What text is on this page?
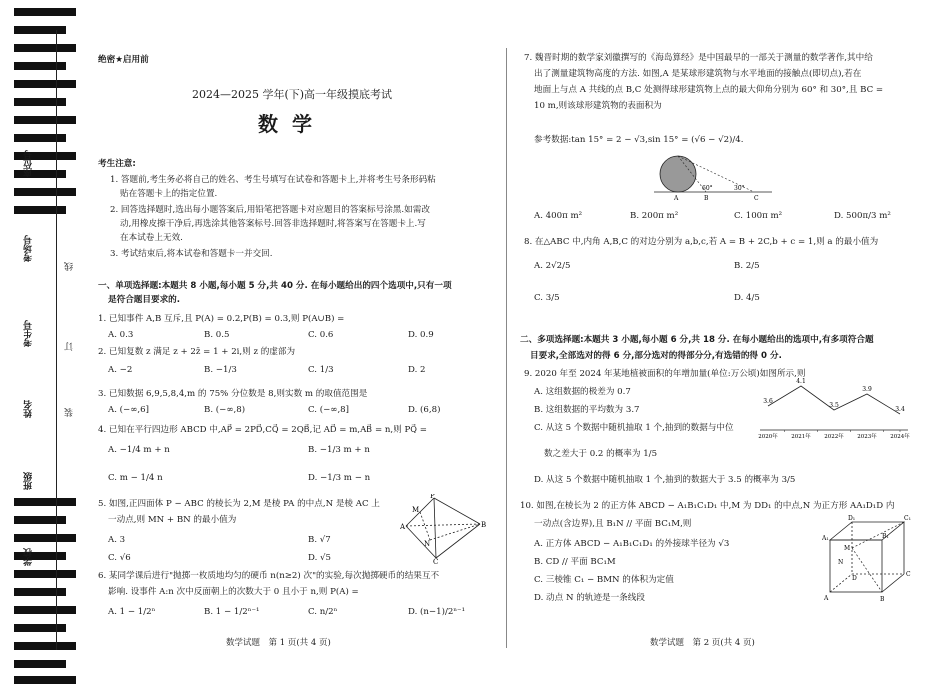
座位号
考场号
考生号
姓名
班级
学校
线
订
装
绝密★启用前
2024—2025 学年(下)高一年级摸底考试
数学
考生注意:
1. 答题前,考生务必将自己的姓名、考生号填写在试卷和答题卡上,并将考生号条形码粘
贴在答题卡上的指定位置.
2. 回答选择题时,选出每小题答案后,用铅笔把答题卡对应题目的答案标号涂黑.如需改
动,用橡皮擦干净后,再选涂其他答案标号.回答非选择题时,将答案写在答题卡上.写
在本试卷上无效.
3. 考试结束后,将本试卷和答题卡一并交回.
一、单项选择题:本题共 8 小题,每小题 5 分,共 40 分. 在每小题给出的四个选项中,只有一项
是符合题目要求的.
1. 已知事件 A,B 互斥,且 P(A) = 0.2,P(B) = 0.3,则 P(A∪B) =
A. 0.3	B. 0.5	C. 0.6	D. 0.9
2. 已知复数 z 满足 z + 2z̄ = 1 + 2i,则 z 的虚部为
A. −2	B. −1/3	C. 1/3	D. 2
3. 已知数据 6,9,5,8,4,m 的 75% 分位数是 8,则实数 m 的取值范围是
A. (−∞,6]	B. (−∞,8)	C. (−∞,8]	D. (6,8)
4. 已知在平行四边形 ABCD 中,AP⃗ = 2PD⃗,CQ⃗ = 2QB⃗,记 AD⃗ = m,AB⃗ = n,则 PQ⃗ =
A. −1/4 m + n	B. −1/3 m + n
C. m − 1/4 n	D. −1/3 m − n
5. 如图,正四面体 P − ABC 的棱长为 2,M 是棱 PA 的中点,N 是棱 AC 上
一动点,则 MN + BN 的最小值为
A. 3	B. √7
C. √6	D. √5
P
M
A
N
B
C
6. 某同学课后进行"抛掷一枚质地均匀的硬币 n(n≥2) 次"的实验,每次抛掷硬币的结果互不
影响. 设事件 A:n 次中反面朝上的次数大于 0 且小于 n,则 P(A) =
A. 1 − 1/2ⁿ	B. 1 − 1/2ⁿ⁻¹	C. n/2ⁿ	D. (n−1)/2ⁿ⁻¹
数学试题　第 1 页(共 4 页)
7. 魏晋时期的数学家刘徽撰写的《海岛算经》是中国最早的一部关于测量的数学著作,其中给
出了测量建筑物高度的方法. 如图,A 是某球形建筑物与水平地面的接触点(即切点),若在
地面上与点 A 共线的点 B,C 处测得球形建筑物上点的最大仰角分别为 60° 和 30°,且 BC =
10 m,则该球形建筑物的表面积为
参考数据:tan 15° = 2 − √3,sin 15° = (√6 − √2)/4.
60°	30°
A	B	C
A. 400π m²	B. 200π m²	C. 100π m²	D. 500π/3 m²
8. 在△ABC 中,内角 A,B,C 的对边分别为 a,b,c,若 A = B + 2C,b + c = 1,则 a 的最小值为
A. 2√2/5	B. 2/5
C. 3/5	D. 4/5
二、多项选择题:本题共 3 小题,每小题 6 分,共 18 分. 在每小题给出的选项中,有多项符合题
目要求,全部选对的得 6 分,部分选对的得部分分,有选错的得 0 分.
9. 2020 年至 2024 年某地植被面积的年增加量(单位:万公顷)如图所示,则
A. 这组数据的极差为 0.7
B. 这组数据的平均数为 3.7
C. 从这 5 个数据中随机抽取 1 个,抽到的数据与中位
数之差大于 0.2 的概率为 1/5
D. 从这 5 个数据中随机抽取 1 个,抽到的数据大于 3.5 的概率为 3/5
3.6
2020年
4.1
2021年
3.5
2022年
3.9
2023年
3.4
2024年
10. 如图,在棱长为 2 的正方体 ABCD − A₁B₁C₁D₁ 中,M 为 DD₁ 的中点,N 为正方形 AA₁D₁D 内
一动点(含边界),且 B₁N // 平面 BC₁M,则
A. 正方体 ABCD − A₁B₁C₁D₁ 的外接球半径为 √3
B. CD // 平面 BC₁M
C. 三棱锥 C₁ − BMN 的体积为定值
D. 动点 N 的轨迹是一条线段
D₁	C₁
A₁	B₁
M
N
D
C
A	B
数学试题　第 2 页(共 4 页)
